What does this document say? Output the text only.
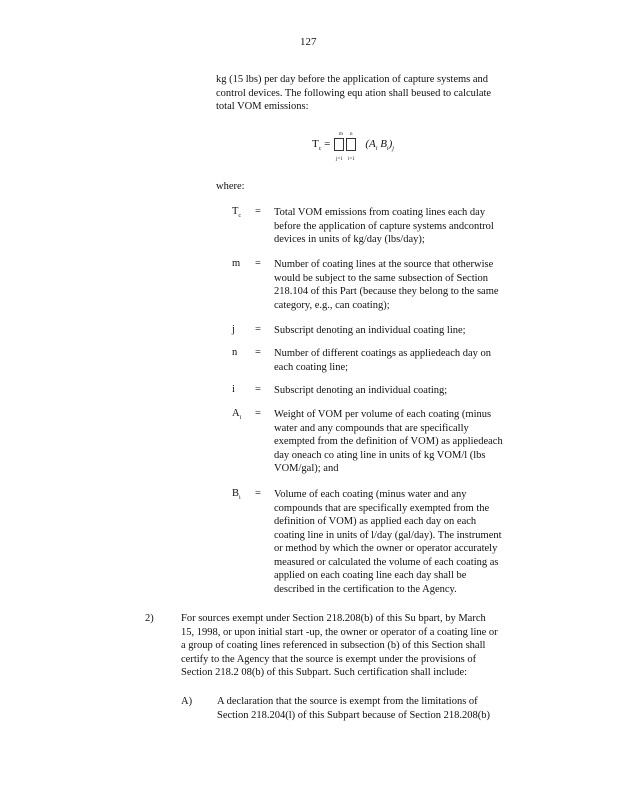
127
kg (15 lbs) per day before the application of capture systems and
control devices. The following equ ation shall beused to calculate
total VOM emissions:
$T_c$ =	($A_i$ $B_i)_j$
m
j=1
n
i=1
where:
$T_c$ = Total VOM emissions from coating lines each day
before the application of capture systems andcontrol
devices in units of kg/day (lbs/day);
m = Number of coating lines at the source that otherwise
would be subject to the same subsection of Section
218.104 of this Part (because they belong to the same
category, e.g., can coating);
j = Subscript denoting an individual coating line;
n = Number of different coatings as appliedeach day on
each coating line;
i = Subscript denoting an individual coating;
$A_i$ = Weight of VOM per volume of each coating (minus
water and any compounds that are specifically
exempted from the definition of VOM) as appliedeach
day oneach co ating line in units of kg VOM/l (lbs
VOM/gal); and
$B_i$ = Volume of each coating (minus water and any
compounds that are specifically exempted from the
definition of VOM) as applied each day on each
coating line in units of l/day (gal/day). The instrument
or method by which the owner or operator accurately
measured or calculated the volume of each coating as
applied on each coating line each day shall be
described in the certification to the Agency.
2)	For sources exempt under Section 218.208(b) of this Su bpart, by March
15, 1998, or upon initial start -up, the owner or operator of a coating line or
a group of coating lines referenced in subsection (b) of this Section shall
certify to the Agency that the source is exempt under the provisions of
Section 218.2 08(b) of this Subpart. Such certification shall include:
A) A declaration that the source is exempt from the limitations of
Section 218.204(l) of this Subpart because of Section 218.208(b)
